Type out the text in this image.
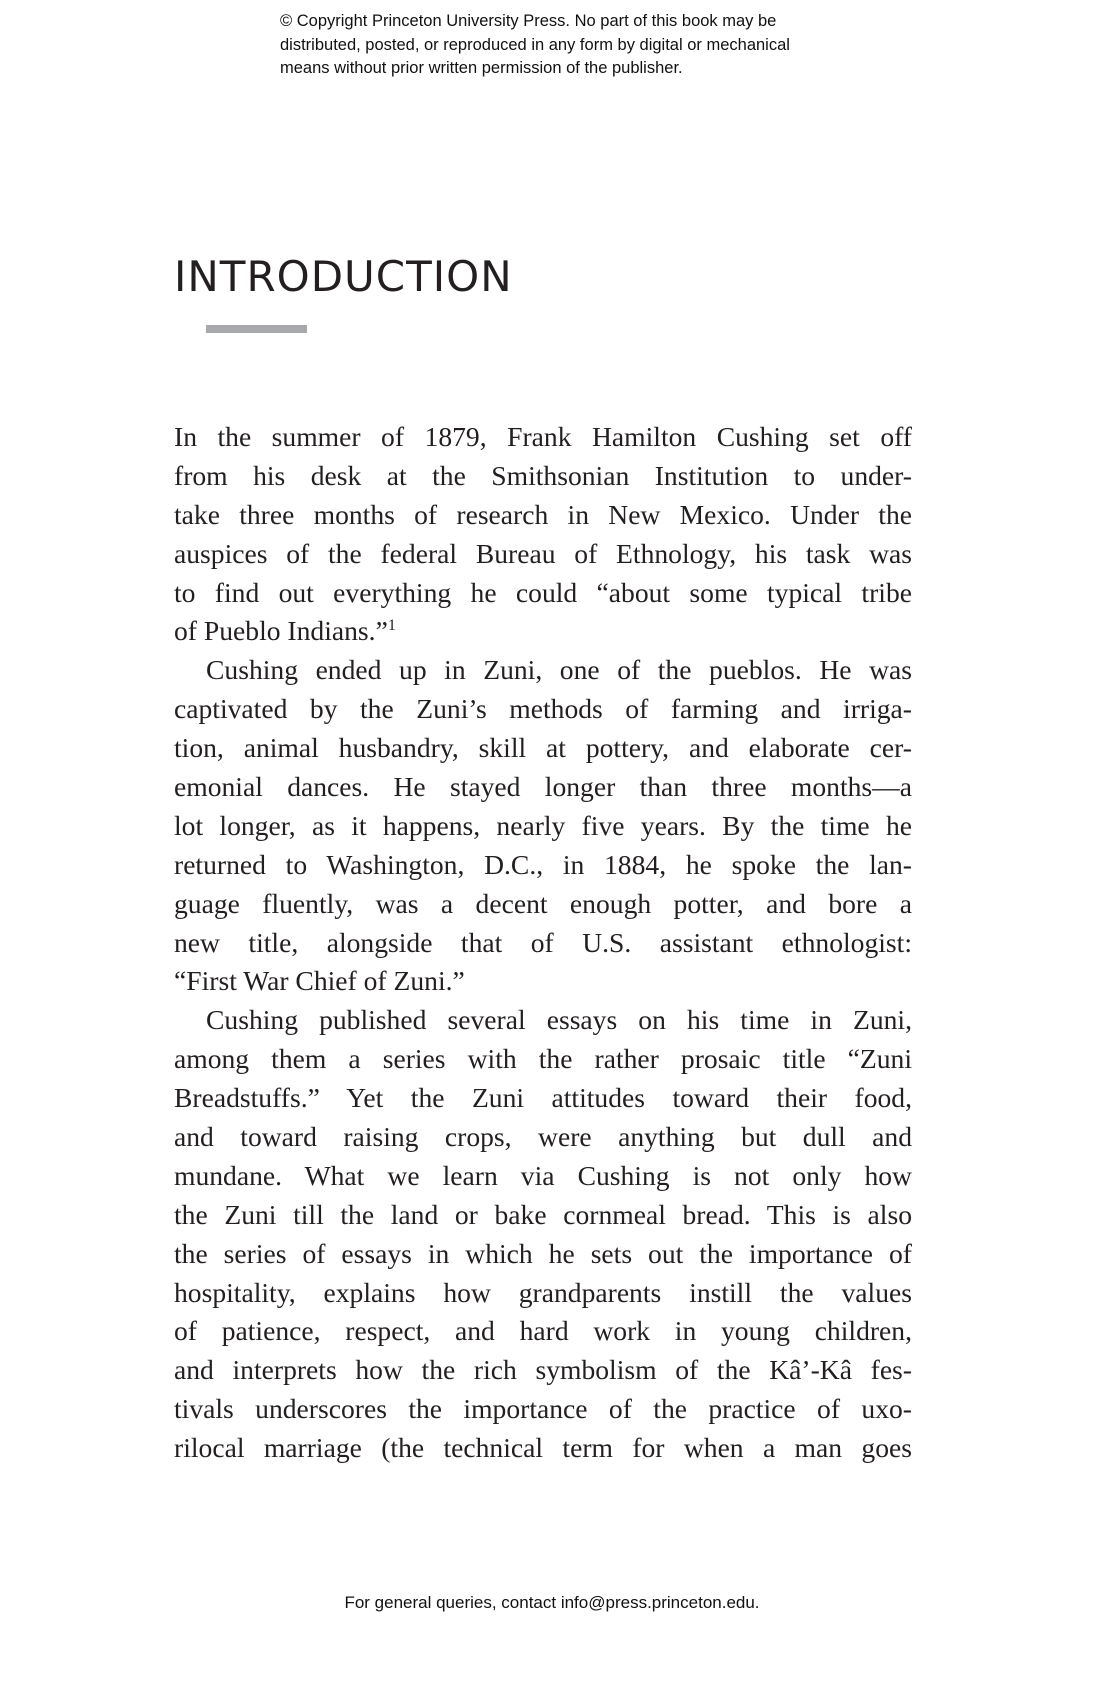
© Copyright Princeton University Press. No part of this book may be
distributed, posted, or reproduced in any form by digital or mechanical
means without prior written permission of the publisher.
INTRODUCTION
In the summer of 1879, Frank Hamilton Cushing set off
from his desk at the Smithsonian Institution to under-
take three months of research in New Mexico. Under the
auspices of the federal Bureau of Ethnology, his task was
to find out everything he could “about some typical tribe
of Pueblo Indians.”$^1$
Cushing ended up in Zuni, one of the pueblos. He was
captivated by the Zuni’s methods of farming and irriga-
tion, animal husbandry, skill at pottery, and elaborate cer-
emonial dances. He stayed longer than three months—a
lot longer, as it happens, nearly five years. By the time he
returned to Washington, D.C., in 1884, he spoke the lan-
guage fluently, was a decent enough potter, and bore a
new title, alongside that of U.S. assistant ethnologist:
“First War Chief of Zuni.”
Cushing published several essays on his time in Zuni,
among them a series with the rather prosaic title “Zuni
Breadstuffs.” Yet the Zuni attitudes toward their food,
and toward raising crops, were anything but dull and
mundane. What we learn via Cushing is not only how
the Zuni till the land or bake cornmeal bread. This is also
the series of essays in which he sets out the importance of
hospitality, explains how grandparents instill the values
of patience, respect, and hard work in young children,
and interprets how the rich symbolism of the Kâ’-Kâ fes-
tivals underscores the importance of the practice of uxo-
rilocal marriage (the technical term for when a man goes
For general queries, contact info@press.princeton.edu.
